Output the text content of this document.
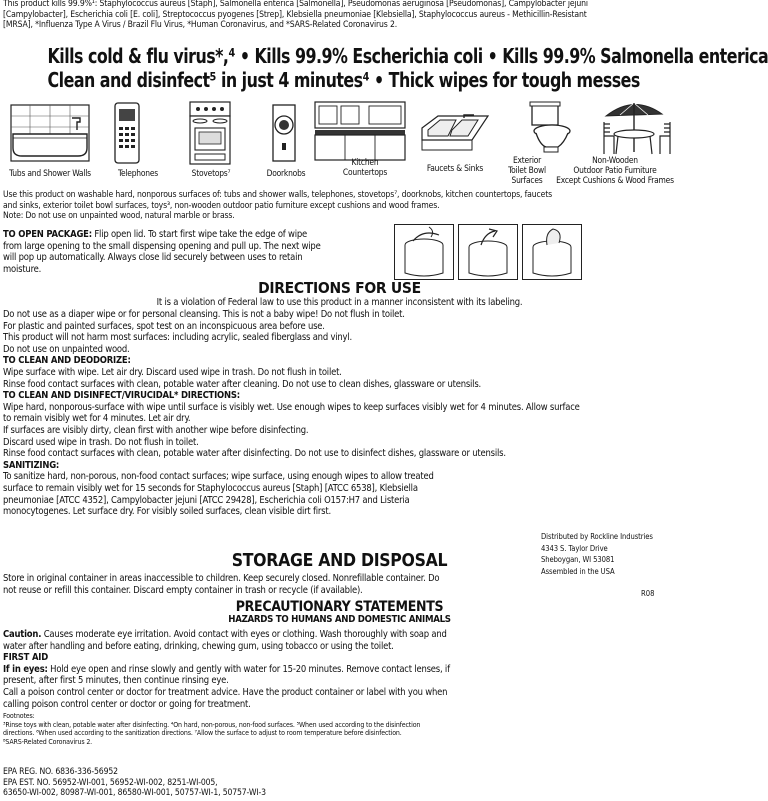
This product kills 99.9%¹: Staphylococcus aureus [Staph], Salmonella enterica [Salmonella], Pseudomonas aeruginosa [Pseudomonas], Campylobacter jejuni
[Campylobacter], Escherichia coli [E. coli], Streptococcus pyogenes [Strep], Klebsiella pneumoniae [Klebsiella], Staphylococcus aureus - Methicillin-Resistant
[MRSA], *Influenza Type A Virus / Brazil Flu Virus, *Human Coronavirus, and *SARS-Related Coronavirus 2.
Kills cold & flu virus*,⁴ • Kills 99.9% Escherichia coli • Kills 99.9% Salmonella enterica
Clean and disinfect⁵ in just 4 minutes⁴ • Thick wipes for tough messes
Tubs and Shower Walls	Telephones	Stovetops⁷	Doorknobs
Kitchen
Countertops	Faucets & Sinks
Exterior
Toilet Bowl
Surfaces
Non-Wooden
Outdoor Patio Furniture
Except Cushions & Wood Frames
Use this product on washable hard, nonporous surfaces of: tubs and shower walls, telephones, stovetops⁷, doorknobs, kitchen countertops, faucets
and sinks, exterior toilet bowl surfaces, toys³, non-wooden outdoor patio furniture except cushions and wood frames.
Note: Do not use on unpainted wood, natural marble or brass.
TO OPEN PACKAGE: Flip open lid. To start first wipe take the edge of wipe
from large opening to the small dispensing opening and pull up. The next wipe
will pop up automatically. Always close lid securely between uses to retain
moisture.
DIRECTIONS FOR USE
It is a violation of Federal law to use this product in a manner inconsistent with its labeling.
Do not use as a diaper wipe or for personal cleansing. This is not a baby wipe! Do not flush in toilet.
For plastic and painted surfaces, spot test on an inconspicuous area before use.
This product will not harm most surfaces: including acrylic, sealed fiberglass and vinyl.
Do not use on unpainted wood.
TO CLEAN AND DEODORIZE:
Wipe surface with wipe. Let air dry. Discard used wipe in trash. Do not flush in toilet.
Rinse food contact surfaces with clean, potable water after cleaning. Do not use to clean dishes, glassware or utensils.
TO CLEAN AND DISINFECT/VIRUCIDAL* DIRECTIONS:
Wipe hard, nonporous-surface with wipe until surface is visibly wet. Use enough wipes to keep surfaces visibly wet for 4 minutes. Allow surface
to remain visibly wet for 4 minutes. Let air dry.
If surfaces are visibly dirty, clean first with another wipe before disinfecting.
Discard used wipe in trash. Do not flush in toilet.
Rinse food contact surfaces with clean, potable water after disinfecting. Do not use to disinfect dishes, glassware or utensils.
SANITIZING:
To sanitize hard, non-porous, non-food contact surfaces; wipe surface, using enough wipes to allow treated
surface to remain visibly wet for 15 seconds for Staphylococcus aureus [Staph] [ATCC 6538], Klebsiella
pneumoniae [ATCC 4352], Campylobacter jejuni [ATCC 29428], Escherichia coli O157:H7 and Listeria
monocytogenes. Let surface dry. For visibly soiled surfaces, clean visible dirt first.
Distributed by Rockline Industries
4343 S. Taylor Drive
Sheboygan, WI 53081
Assembled in the USA
R08
STORAGE AND DISPOSAL
Store in original container in areas inaccessible to children. Keep securely closed. Nonrefillable container. Do
not reuse or refill this container. Discard empty container in trash or recycle (if available).
PRECAUTIONARY STATEMENTS
HAZARDS TO HUMANS AND DOMESTIC ANIMALS
Caution. Causes moderate eye irritation. Avoid contact with eyes or clothing. Wash thoroughly with soap and
water after handling and before eating, drinking, chewing gum, using tobacco or using the toilet.
FIRST AID
If in eyes: Hold eye open and rinse slowly and gently with water for 15-20 minutes. Remove contact lenses, if
present, after first 5 minutes, then continue rinsing eye.
Call a poison control center or doctor for treatment advice. Have the product container or label with you when
calling poison control center or doctor or going for treatment.
Footnotes:
³Rinse toys with clean, potable water after disinfecting. ⁴On hard, non-porous, non-food surfaces. ⁵When used according to the disinfection
directions. ⁶When used according to the sanitization directions. ⁷Allow the surface to adjust to room temperature before disinfection.
⁸SARS-Related Coronavirus 2.
EPA REG. NO. 6836-336-56952
EPA EST. NO. 56952-WI-001, 56952-WI-002, 8251-WI-005,
63650-WI-002, 80987-WI-001, 86580-WI-001, 50757-WI-1, 50757-WI-3
